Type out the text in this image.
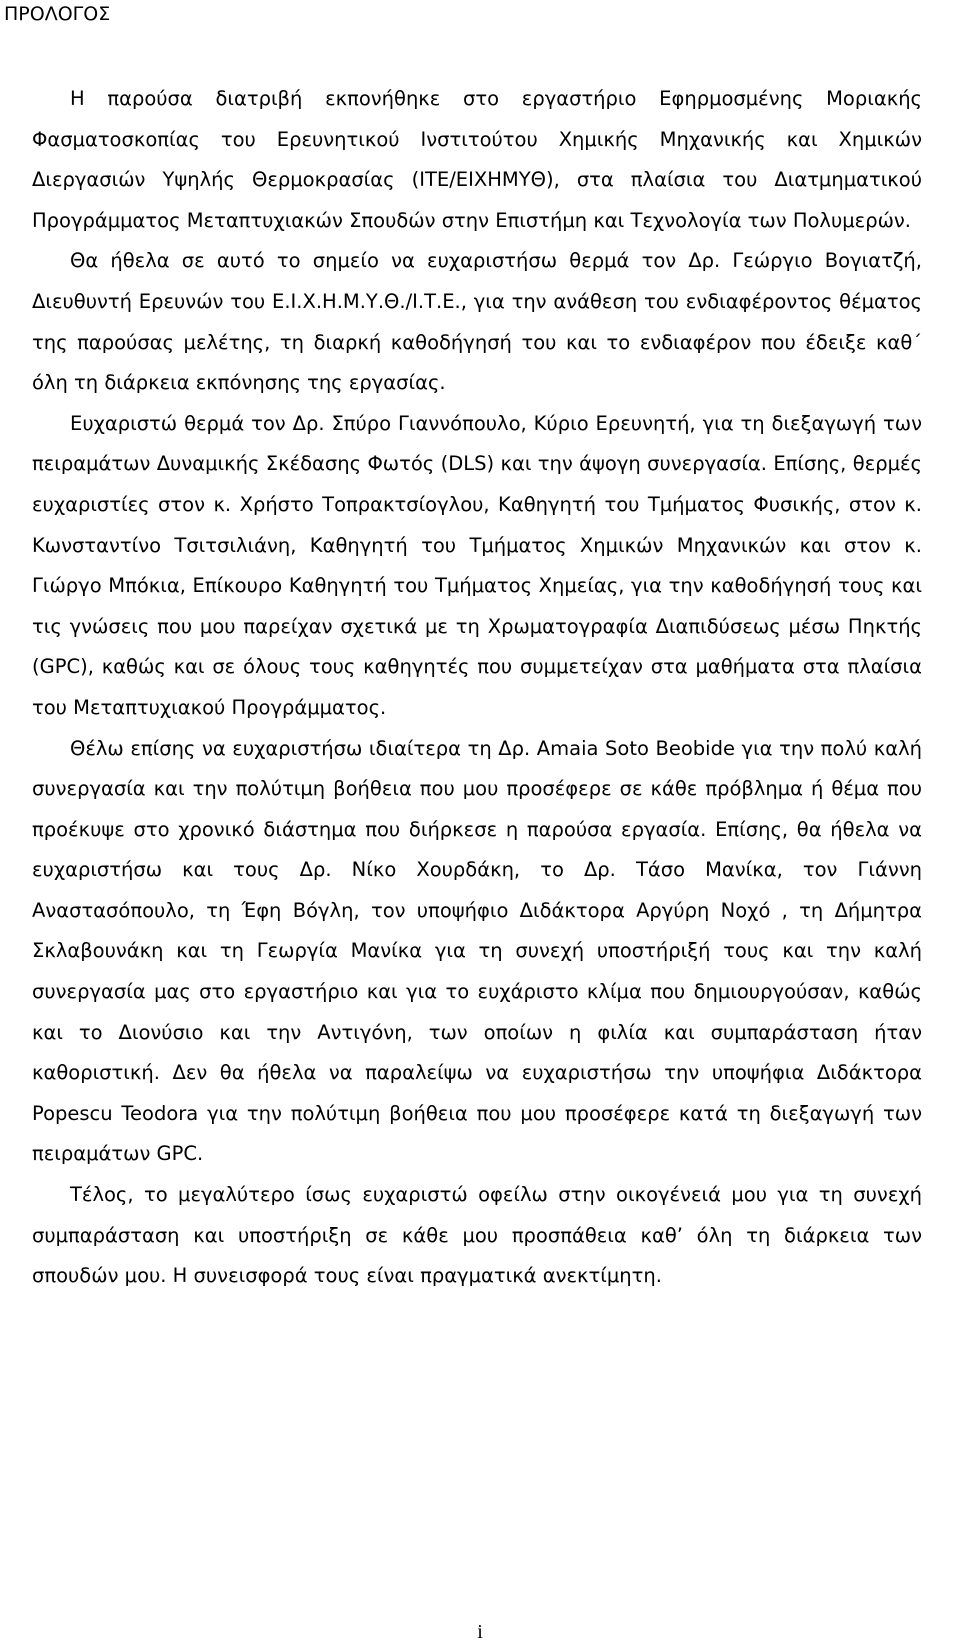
ΠΡΟΛΟΓΟΣ

Η παρούσα διατριβή εκπονήθηκε στο εργαστήριο Εφηρμοσμένης Μοριακής Φασματοσκοπίας του Ερευνητικού Ινστιτούτου Χημικής Μηχανικής και Χημικών Διεργασιών Υψηλής Θερμοκρασίας (ΙΤΕ/ΕΙΧΗΜΥΘ), στα πλαίσια του Διατμηματικού Προγράμματος Μεταπτυχιακών Σπουδών στην Επιστήμη και Τεχνολογία των Πολυμερών.

Θα ήθελα σε αυτό το σημείο να ευχαριστήσω θερμά τον Δρ. Γεώργιο Βογιατζή, Διευθυντή Ερευνών του Ε.Ι.Χ.Η.Μ.Υ.Θ./Ι.Τ.Ε., για την ανάθεση του ενδιαφέροντος θέματος της παρούσας μελέτης, τη διαρκή καθοδήγησή του και το ενδιαφέρον που έδειξε καθ΄ όλη τη διάρκεια εκπόνησης της εργασίας.

Ευχαριστώ θερμά τον Δρ. Σπύρο Γιαννόπουλο, Κύριο Ερευνητή, για τη διεξαγωγή των πειραμάτων Δυναμικής Σκέδασης Φωτός (DLS) και την άψογη συνεργασία. Επίσης, θερμές ευχαριστίες στον κ. Χρήστο Τοπρακτσίογλου, Καθηγητή του Τμήματος Φυσικής, στον κ. Κωνσταντίνο Τσιτσιλιάνη, Καθηγητή του Τμήματος Χημικών Μηχανικών και στον κ. Γιώργο Μπόκια, Επίκουρο Καθηγητή του Τμήματος Χημείας, για την καθοδήγησή τους και τις γνώσεις που μου παρείχαν σχετικά με τη Χρωματογραφία Διαπιδύσεως μέσω Πηκτής (GPC), καθώς και σε όλους τους καθηγητές που συμμετείχαν στα μαθήματα στα πλαίσια του Μεταπτυχιακού Προγράμματος.

Θέλω επίσης να ευχαριστήσω ιδιαίτερα τη Δρ. Amaia Soto Beobide για την πολύ καλή συνεργασία και την πολύτιμη βοήθεια που μου προσέφερε σε κάθε πρόβλημα ή θέμα που προέκυψε στο χρονικό διάστημα που διήρκεσε η παρούσα εργασία. Επίσης, θα ήθελα να ευχαριστήσω και τους Δρ. Νίκο Χουρδάκη, το Δρ. Τάσο Μανίκα, τον Γιάννη Αναστασόπουλο, τη Έφη Βόγλη, τον υποψήφιο Διδάκτορα Αργύρη Νοχό , τη Δήμητρα Σκλαβουνάκη και τη Γεωργία Μανίκα για τη συνεχή υποστήριξή τους και την καλή συνεργασία μας στο εργαστήριο και για το ευχάριστο κλίμα που δημιουργούσαν, καθώς και το Διονύσιο και την Αντιγόνη, των οποίων η φιλία και συμπαράσταση ήταν καθοριστική. Δεν θα ήθελα να παραλείψω να ευχαριστήσω την υποψήφια Διδάκτορα Popescu Teodora για την πολύτιμη βοήθεια που μου προσέφερε κατά τη διεξαγωγή των πειραμάτων GPC.

Τέλος, το μεγαλύτερο ίσως ευχαριστώ οφείλω στην οικογένειά μου για τη συνεχή συμπαράσταση και υποστήριξη σε κάθε μου προσπάθεια καθ’ όλη τη διάρκεια των σπουδών μου. Η συνεισφορά τους είναι πραγματικά ανεκτίμητη.

i
